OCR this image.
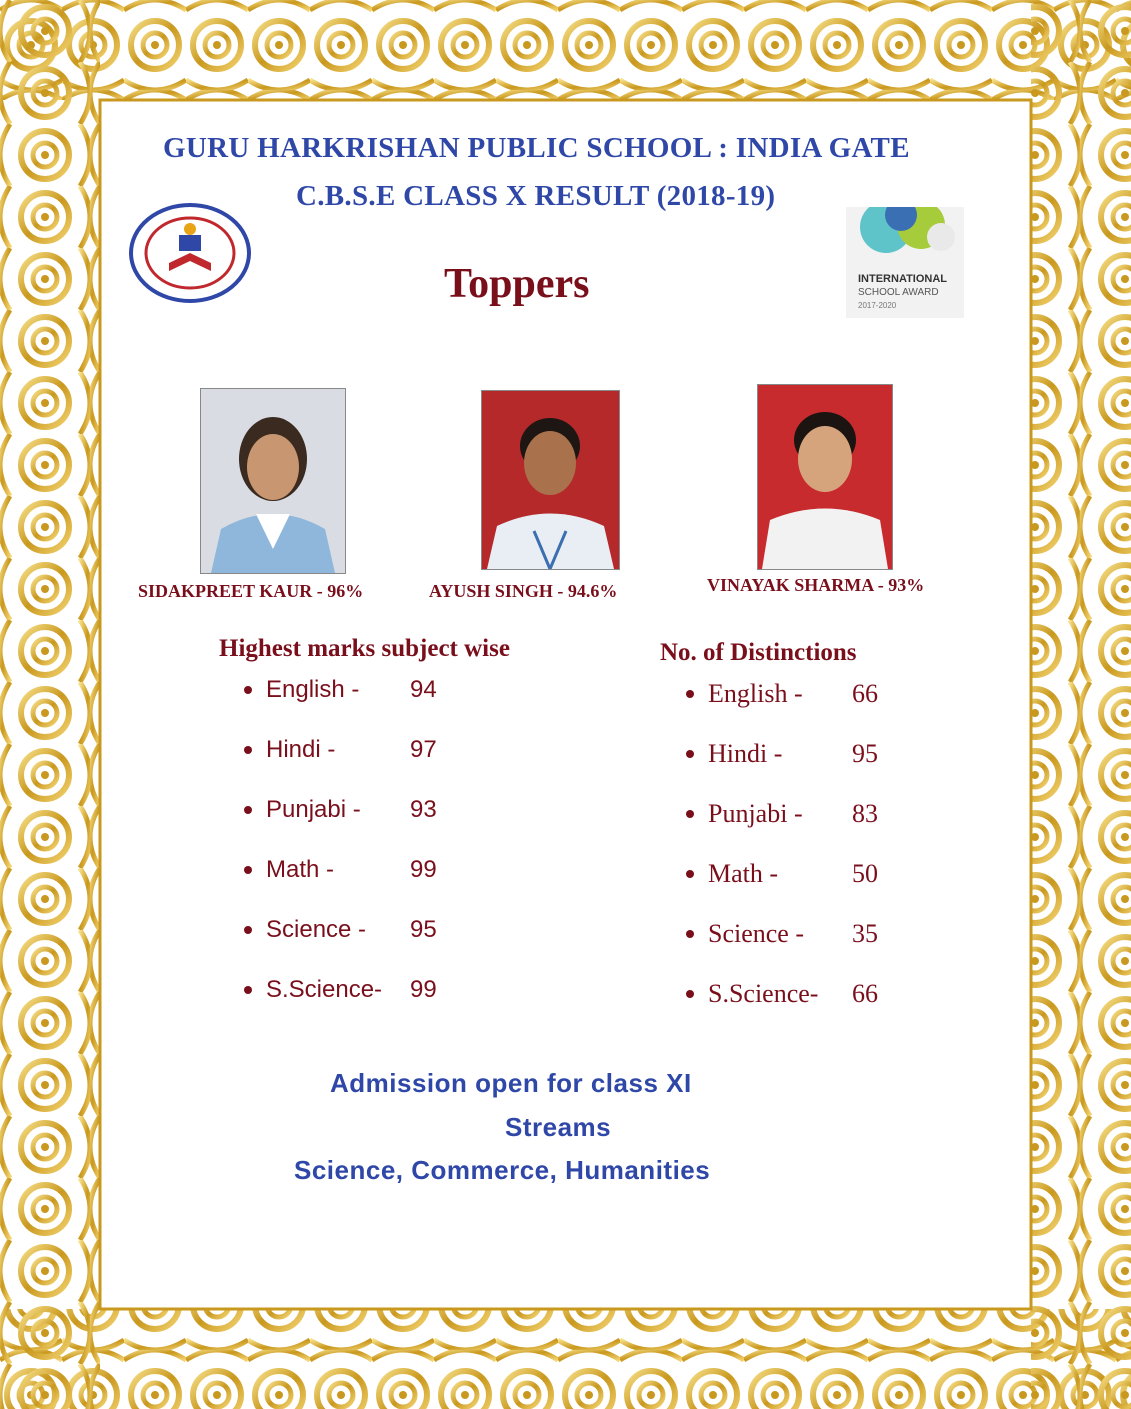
GURU HARKRISHAN PUBLIC SCHOOL : INDIA GATE
C.B.S.E CLASS X RESULT (2018-19)
Toppers	INTERNATIONAL
SCHOOL AWARD
2017-2020
SIDAKPREET KAUR - 96%	AYUSH SINGH - 94.6%	VINAYAK SHARMA - 93%
Highest marks subject wise
English -	94
Hindi -	97
Punjabi -	93
Math -	99
Science -	95
S.Science-	99
No. of Distinctions
English -	66
Hindi -	95
Punjabi -	83
Math -	50
Science -	35
S.Science-	66
Admission open for class XI
Streams
Science, Commerce, Humanities
